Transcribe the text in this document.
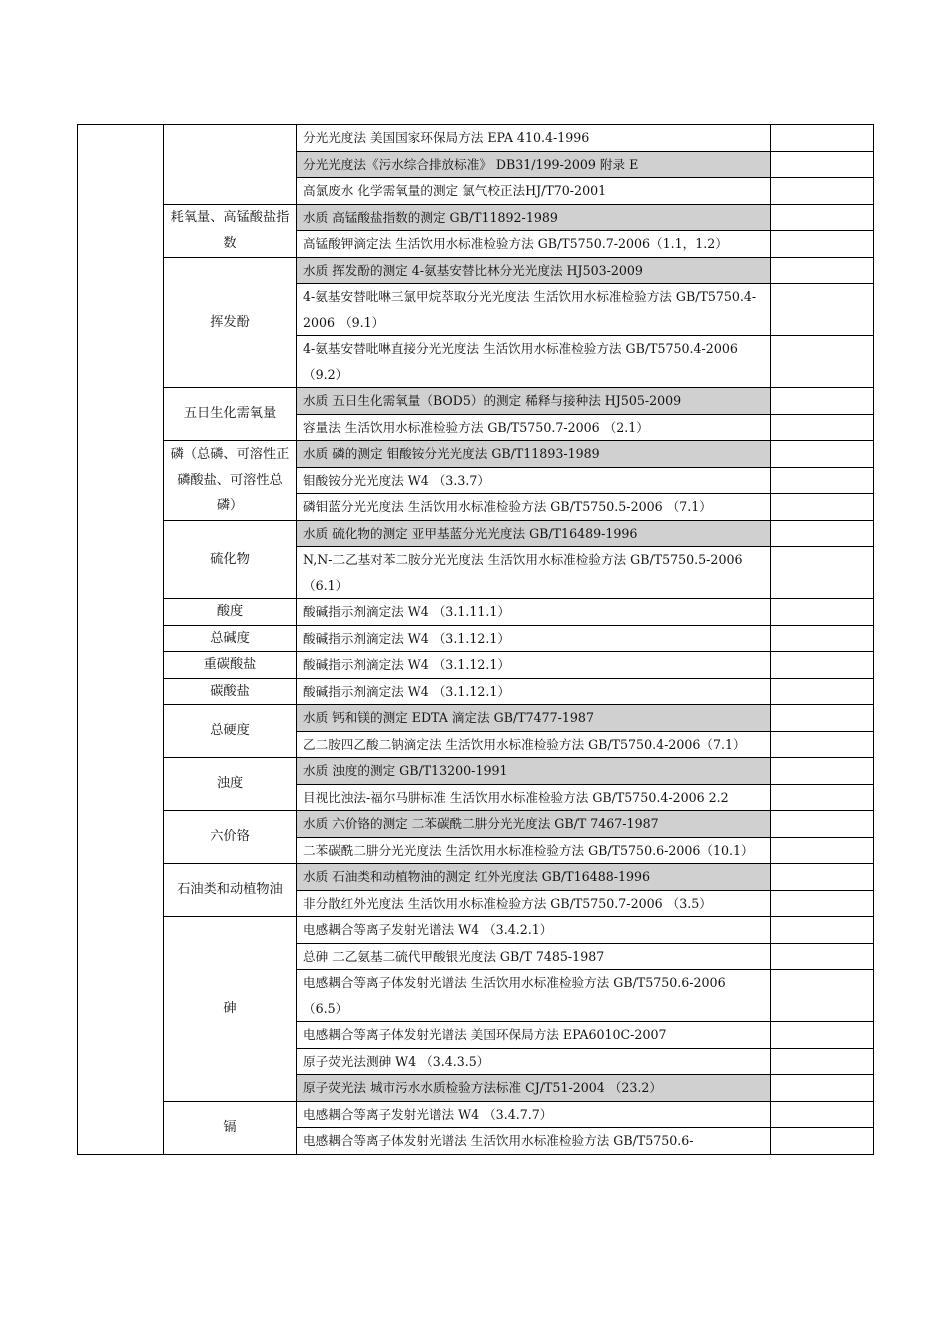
		分光光度法 美国国家环保局方法 EPA 410.4-1996	
		分光光度法《污水综合排放标准》 DB31/199-2009 附录 E	
		高氯废水 化学需氧量的测定 氯气校正法HJ/T70-2001	
	耗氧量、高锰酸盐指数	水质 高锰酸盐指数的测定 GB/T11892-1989	
		高锰酸钾滴定法 生活饮用水标准检验方法 GB/T5750.7-2006（1.1，1.2）	
	挥发酚	水质 挥发酚的测定 4-氨基安替比林分光光度法 HJ503-2009	
		4-氨基安替吡啉三氯甲烷萃取分光光度法 生活饮用水标准检验方法 GB/T5750.4-2006 （9.1）	
		4-氨基安替吡啉直接分光光度法 生活饮用水标准检验方法 GB/T5750.4-2006 （9.2）	
	五日生化需氧量	水质 五日生化需氧量（BOD5）的测定 稀释与接种法 HJ505-2009	
		容量法 生活饮用水标准检验方法 GB/T5750.7-2006 （2.1）	
	磷（总磷、可溶性正磷酸盐、可溶性总磷）	水质 磷的测定 钼酸铵分光光度法 GB/T11893-1989	
		钼酸铵分光光度法 W4 （3.3.7）	
		磷钼蓝分光光度法 生活饮用水标准检验方法 GB/T5750.5-2006 （7.1）	
	硫化物	水质 硫化物的测定 亚甲基蓝分光光度法 GB/T16489-1996	
		N,N-二乙基对苯二胺分光光度法 生活饮用水标准检验方法 GB/T5750.5-2006 （6.1）	
	酸度	酸碱指示剂滴定法 W4 （3.1.11.1）	
	总碱度	酸碱指示剂滴定法 W4 （3.1.12.1）	
	重碳酸盐	酸碱指示剂滴定法 W4 （3.1.12.1）	
	碳酸盐	酸碱指示剂滴定法 W4 （3.1.12.1）	
	总硬度	水质 钙和镁的测定 EDTA 滴定法 GB/T7477-1987	
		乙二胺四乙酸二钠滴定法 生活饮用水标准检验方法 GB/T5750.4-2006（7.1）	
	浊度	水质 浊度的测定 GB/T13200-1991	
		目视比浊法-福尔马肼标准 生活饮用水标准检验方法 GB/T5750.4-2006 2.2	
	六价铬	水质 六价铬的测定 二苯碳酰二肼分光光度法 GB/T 7467-1987	
		二苯碳酰二肼分光光度法 生活饮用水标准检验方法 GB/T5750.6-2006（10.1）	
	石油类和动植物油	水质 石油类和动植物油的测定 红外光度法 GB/T16488-1996	
		非分散红外光度法 生活饮用水标准检验方法 GB/T5750.7-2006 （3.5）	
	砷	电感耦合等离子发射光谱法 W4 （3.4.2.1）	
		总砷 二乙氨基二硫代甲酸银光度法 GB/T 7485-1987	
		电感耦合等离子体发射光谱法 生活饮用水标准检验方法 GB/T5750.6-2006 （6.5）	
		电感耦合等离子体发射光谱法 美国环保局方法 EPA6010C-2007	
		原子荧光法测砷 W4 （3.4.3.5）	
		原子荧光法 城市污水水质检验方法标准 CJ/T51-2004 （23.2）	
	镉	电感耦合等离子发射光谱法 W4 （3.4.7.7）	
		电感耦合等离子体发射光谱法 生活饮用水标准检验方法 GB/T5750.6-	
